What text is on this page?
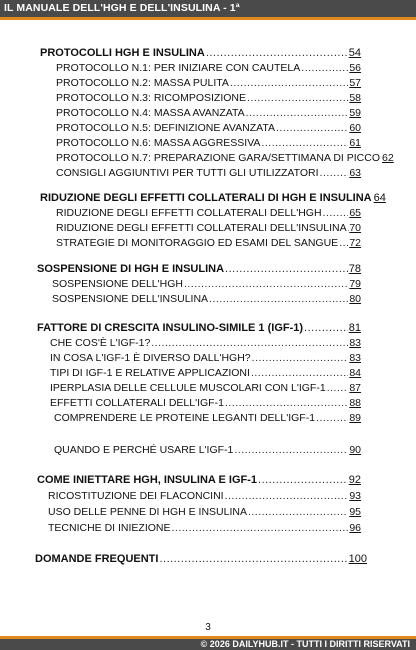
IL MANUALE DELL'HGH E DELL'INSULINA - 1ª
PROTOCOLLI HGH E INSULINA .....	54
PROTOCOLLO N.1: PER INIZIARE CON CAUTELA .....	56
PROTOCOLLO N.2: MASSA PULITA .....	57
PROTOCOLLO N.3: RICOMPOSIZIONE .....	58
PROTOCOLLO N.4: MASSA AVANZATA .....	59
PROTOCOLLO N.5: DEFINIZIONE AVANZATA .....	60
PROTOCOLLO N.6: MASSA AGGRESSIVA .....	61
PROTOCOLLO N.7: PREPARAZIONE GARA/SETTIMANA DI PICCO 62
CONSIGLI AGGIUNTIVI PER TUTTI GLI UTILIZZATORI .....	63
RIDUZIONE DEGLI EFFETTI COLLATERALI DI HGH E INSULINA 64
RIDUZIONE DEGLI EFFETTI COLLATERALI DELL'HGH .....	65
RIDUZIONE DEGLI EFFETTI COLLATERALI DELL'INSULINA ..... 70
STRATEGIE DI MONITORAGGIO ED ESAMI DEL SANGUE ..... 72
SOSPENSIONE DI HGH E INSULINA .....	78
SOSPENSIONE DELL'HGH .....	79
SOSPENSIONE DELL'INSULINA .....	80
FATTORE DI CRESCITA INSULINO-SIMILE 1 (IGF-1) .....	81
CHE COS'È L'IGF-1? .....	83
IN COSA L'IGF-1 È DIVERSO DALL'HGH? .....	83
TIPI DI IGF-1 E RELATIVE APPLICAZIONI .....	84
IPERPLASIA DELLE CELLULE MUSCOLARI CON L'IGF-1 ..... 87
EFFETTI COLLATERALI DELL'IGF-1 .....	88
COMPRENDERE LE PROTEINE LEGANTI DELL'IGF-1 .....	89
QUANDO E PERCHÉ USARE L'IGF-1 .....	90
COME INIETTARE HGH, INSULINA E IGF-1 .....	92
RICOSTITUZIONE DEI FLACONCINI .....	93
USO DELLE PENNE DI HGH E INSULINA .....	95
TECNICHE DI INIEZIONE .....	96
DOMANDE FREQUENTI .....	100
3
© 2026 DAILYHUB.IT - TUTTI I DIRITTI RISERVATI
